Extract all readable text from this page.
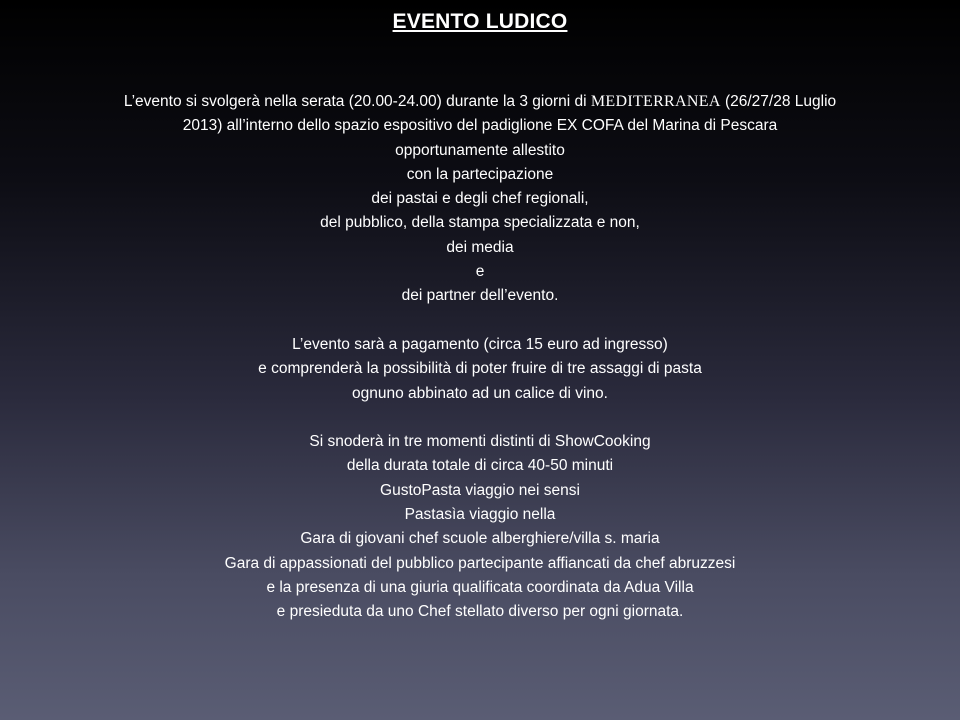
EVENTO LUDICO
L’evento si svolgerà nella serata (20.00-24.00) durante la 3 giorni di MEDITERRANEA (26/27/28 Luglio
2013) all’interno dello spazio espositivo del padiglione EX COFA del Marina di Pescara
opportunamente allestito
con la partecipazione
dei pastai e degli chef regionali,
del pubblico, della stampa specializzata e non,
dei media
e
dei partner dell’evento.
L’evento sarà a pagamento (circa 15 euro ad ingresso)
e comprenderà la possibilità di poter fruire di tre assaggi di pasta
ognuno abbinato ad un calice di vino.
Si snoderà in tre momenti distinti di ShowCooking
della durata totale di circa 40-50 minuti
GustoPasta viaggio nei sensi
Pastasìa viaggio nella
Gara di giovani chef scuole alberghiere/villa s. maria
Gara di appassionati del pubblico partecipante affiancati da chef abruzzesi
e la presenza di una giuria qualificata coordinata da Adua Villa
e presieduta da uno Chef stellato diverso per ogni giornata.
